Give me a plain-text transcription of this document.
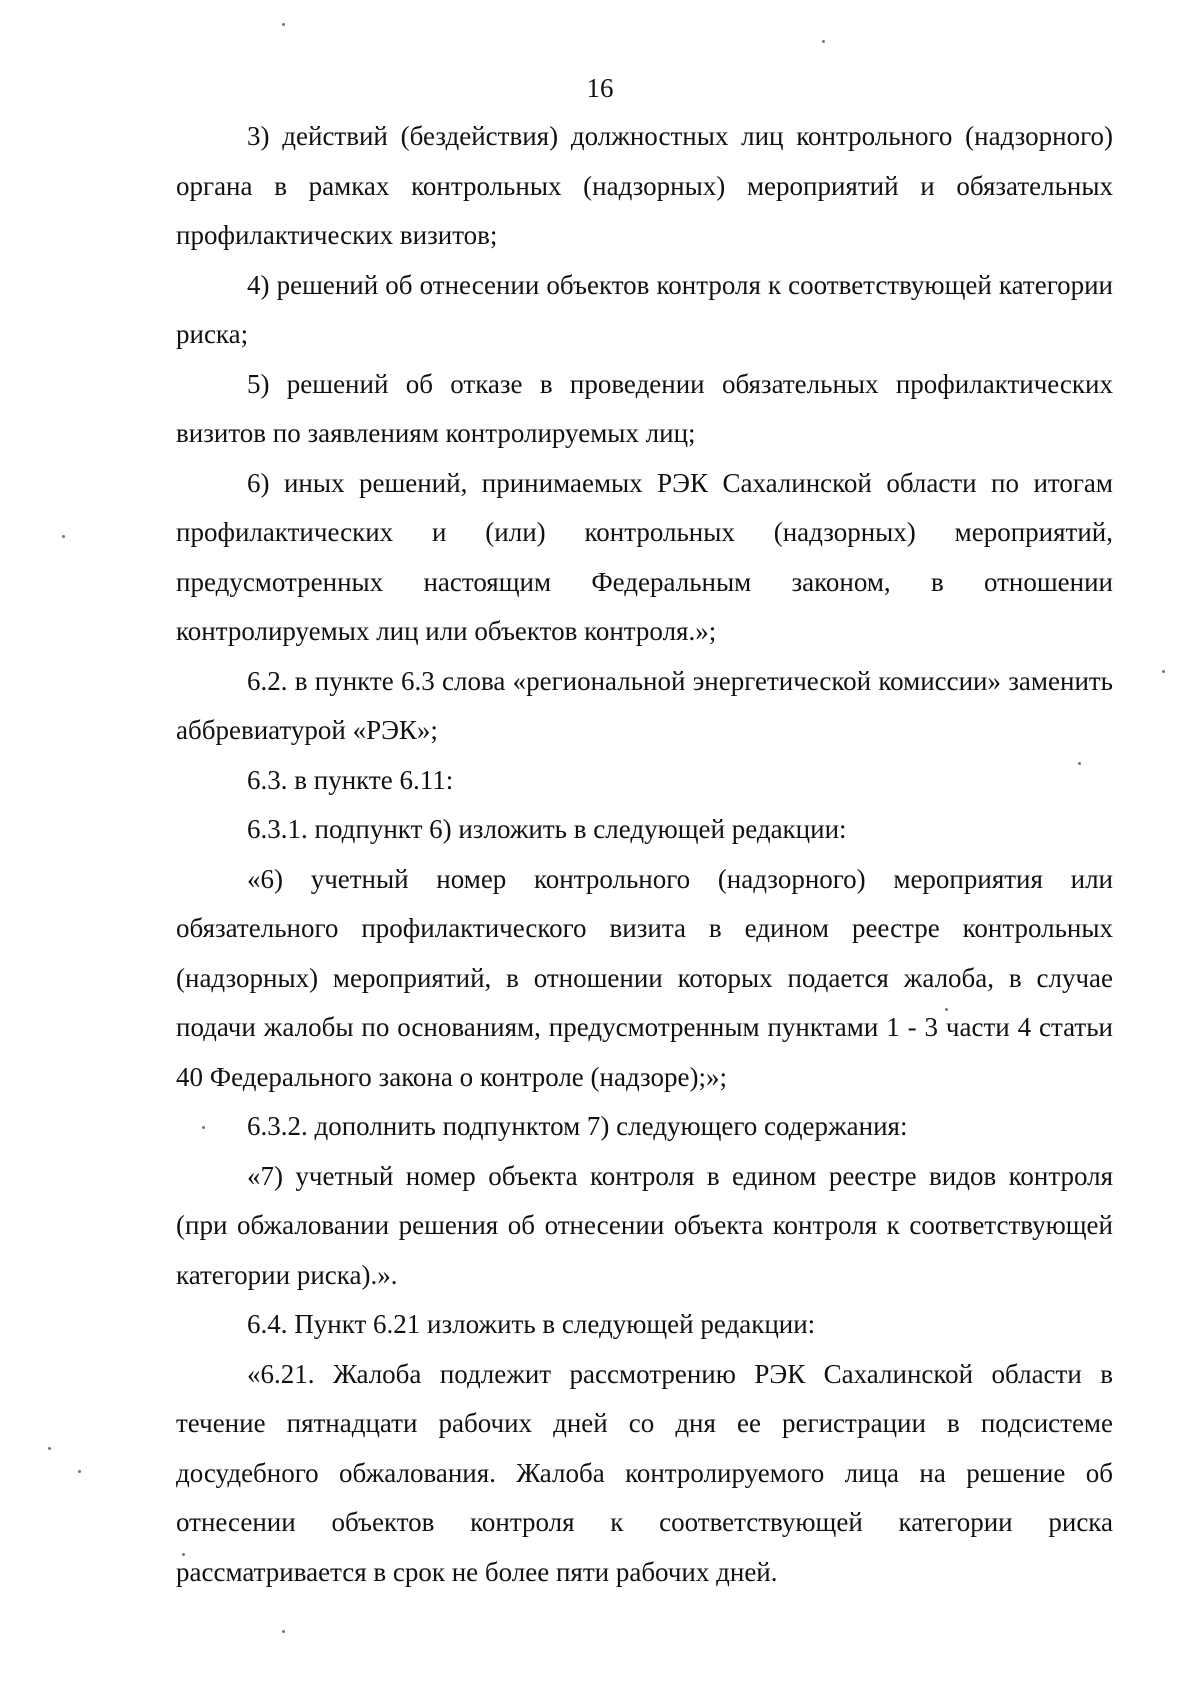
16

3) действий (бездействия) должностных лиц контрольного (надзорного) органа в рамках контрольных (надзорных) мероприятий и обязательных профилактических визитов;

4) решений об отнесении объектов контроля к соответствующей категории риска;

5) решений об отказе в проведении обязательных профилактических визитов по заявлениям контролируемых лиц;

6) иных решений, принимаемых РЭК Сахалинской области по итогам профилактических и (или) контрольных (надзорных) мероприятий, предусмотренных настоящим Федеральным законом, в отношении контролируемых лиц или объектов контроля.»;

6.2. в пункте 6.3 слова «региональной энергетической комиссии» заменить аббревиатурой «РЭК»;

6.3. в пункте 6.11:

6.3.1. подпункт 6) изложить в следующей редакции:

«6) учетный номер контрольного (надзорного) мероприятия или обязательного профилактического визита в едином реестре контрольных (надзорных) мероприятий, в отношении которых подается жалоба, в случае подачи жалобы по основаниям, предусмотренным пунктами 1 - 3 части 4 статьи 40 Федерального закона о контроле (надзоре);»;

6.3.2. дополнить подпунктом 7) следующего содержания:

«7) учетный номер объекта контроля в едином реестре видов контроля (при обжаловании решения об отнесении объекта контроля к соответствующей категории риска).».

6.4. Пункт 6.21 изложить в следующей редакции:

«6.21. Жалоба подлежит рассмотрению РЭК Сахалинской области в течение пятнадцати рабочих дней со дня ее регистрации в подсистеме досудебного обжалования. Жалоба контролируемого лица на решение об отнесении объектов контроля к соответствующей категории риска рассматривается в срок не более пяти рабочих дней.
